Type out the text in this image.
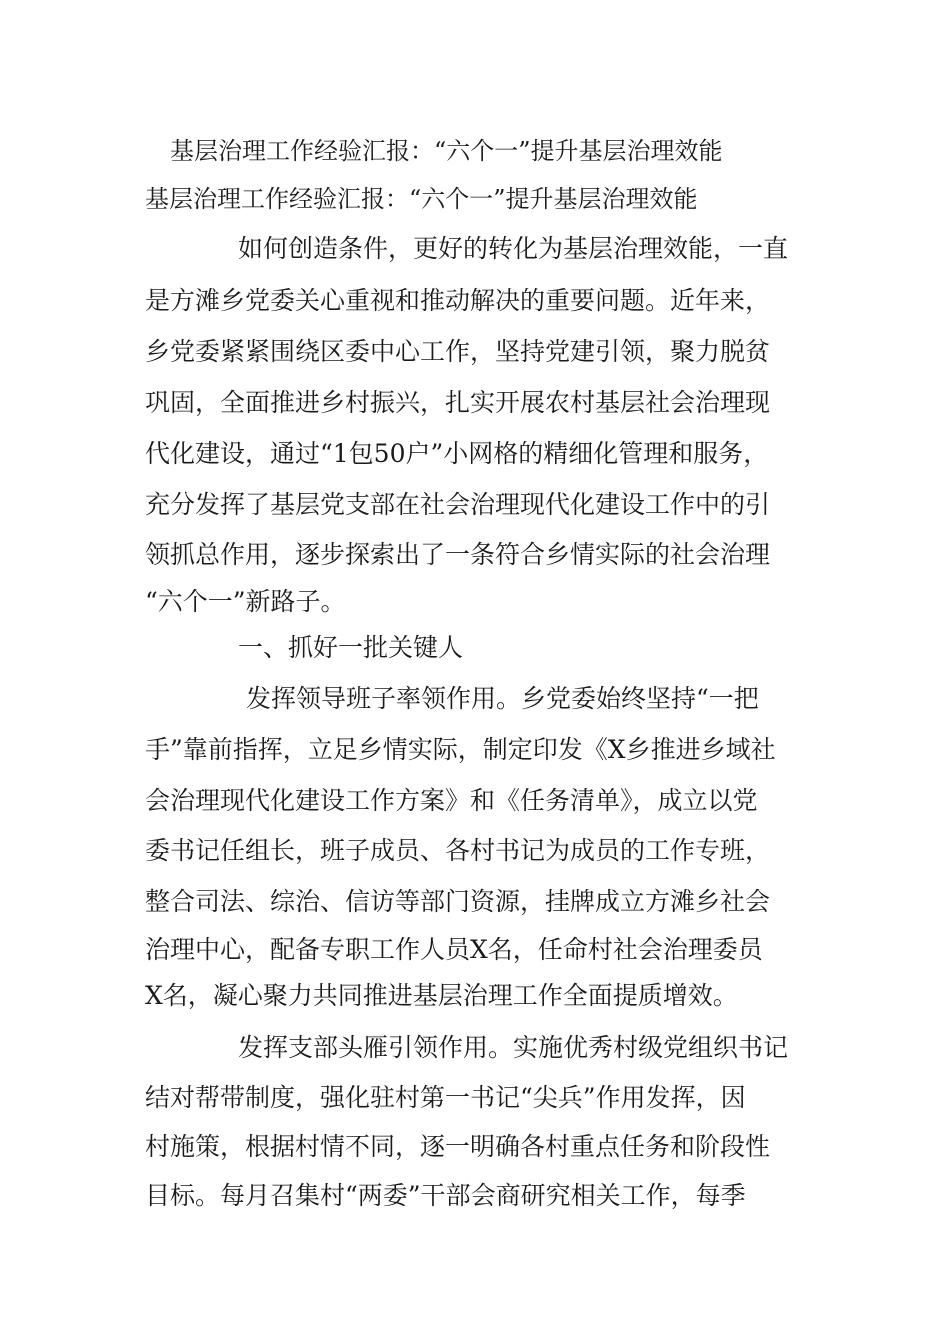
基层治理工作经验汇报：“六个一”提升基层治理效能
基层治理工作经验汇报：“六个一”提升基层治理效能
如何创造条件，更好的转化为基层治理效能，一直
是方滩乡党委关心重视和推动解决的重要问题。近年来，
乡党委紧紧围绕区委中心工作，坚持党建引领，聚力脱贫
巩固，全面推进乡村振兴，扎实开展农村基层社会治理现
代化建设，通过“1包50户”小网格的精细化管理和服务，
充分发挥了基层党支部在社会治理现代化建设工作中的引
领抓总作用，逐步探索出了一条符合乡情实际的社会治理
“六个一”新路子。
一、抓好一批关键人
发挥领导班子率领作用。乡党委始终坚持“一把
手”靠前指挥，立足乡情实际，制定印发《X乡推进乡域社
会治理现代化建设工作方案》和《任务清单》，成立以党
委书记任组长，班子成员、各村书记为成员的工作专班，
整合司法、综治、信访等部门资源，挂牌成立方滩乡社会
治理中心，配备专职工作人员X名，任命村社会治理委员
X名，凝心聚力共同推进基层治理工作全面提质增效。
发挥支部头雁引领作用。实施优秀村级党组织书记
结对帮带制度，强化驻村第一书记“尖兵”作用发挥，因
村施策，根据村情不同，逐一明确各村重点任务和阶段性
目标。每月召集村“两委”干部会商研究相关工作，每季
